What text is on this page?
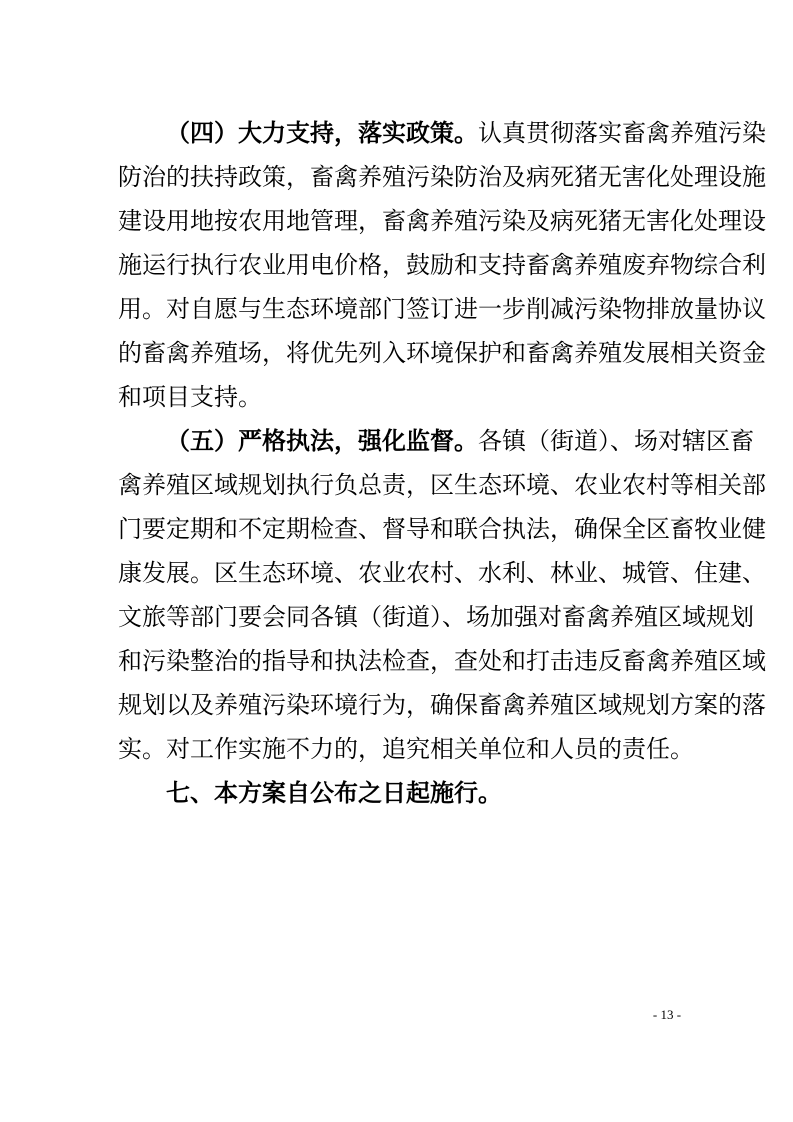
（四）大力支持，落实政策。认真贯彻落实畜禽养殖污染
防治的扶持政策，畜禽养殖污染防治及病死猪无害化处理设施
建设用地按农用地管理，畜禽养殖污染及病死猪无害化处理设
施运行执行农业用电价格，鼓励和支持畜禽养殖废弃物综合利
用。对自愿与生态环境部门签订进一步削减污染物排放量协议
的畜禽养殖场，将优先列入环境保护和畜禽养殖发展相关资金
和项目支持。
（五）严格执法，强化监督。各镇（街道）、场对辖区畜
禽养殖区域规划执行负总责，区生态环境、农业农村等相关部
门要定期和不定期检查、督导和联合执法，确保全区畜牧业健
康发展。区生态环境、农业农村、水利、林业、城管、住建、
文旅等部门要会同各镇（街道）、场加强对畜禽养殖区域规划
和污染整治的指导和执法检查，查处和打击违反畜禽养殖区域
规划以及养殖污染环境行为，确保畜禽养殖区域规划方案的落
实。对工作实施不力的，追究相关单位和人员的责任。
七、本方案自公布之日起施行。
- 13 -
